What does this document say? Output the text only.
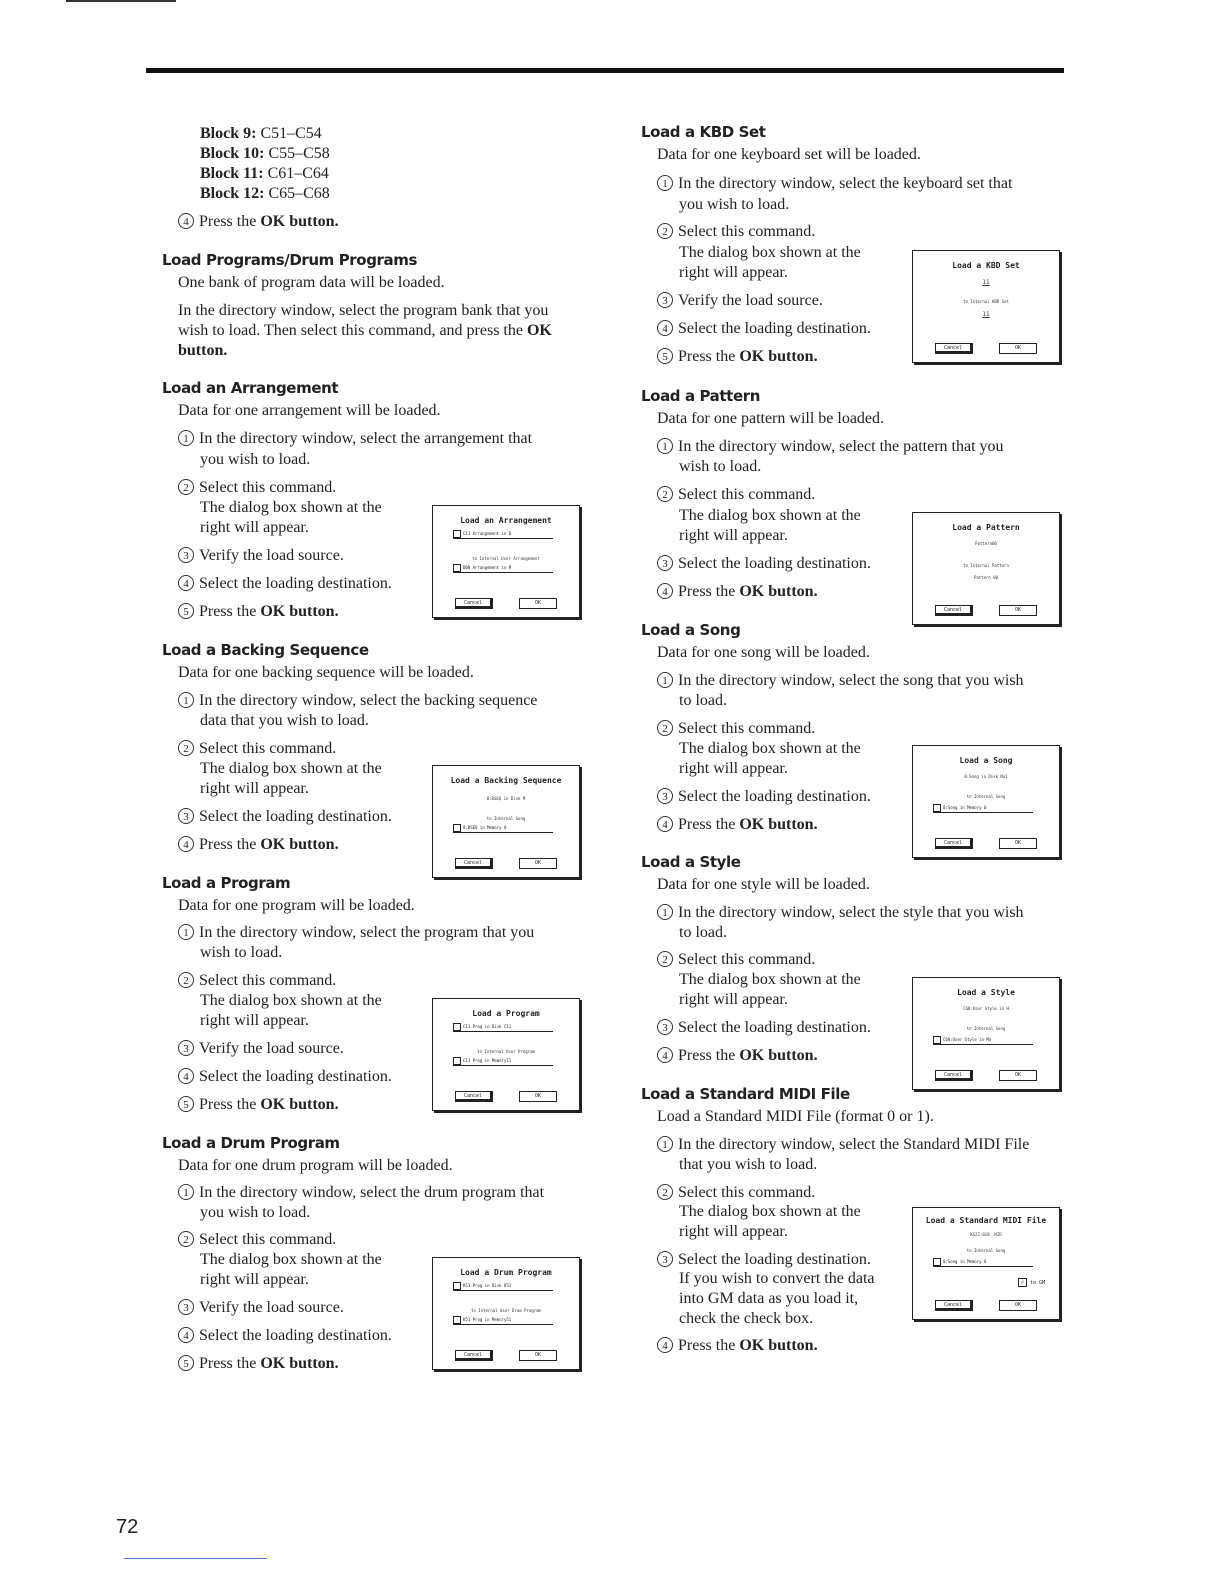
Block 9: C51–C54

Block 10: C55–C58

Block 11: C61–C64

Block 12: C65–C68

4 Press the OK button.

Load Programs/Drum Programs

One bank of program data will be loaded.

In the directory window, select the program bank that you

wish to load. Then select this command, and press the OK

button.

Load an Arrangement

Data for one arrangement will be loaded.

1 In the directory window, select the arrangement that

you wish to load.

2 Select this command.

The dialog box shown at the

right will appear.

3 Verify the load source.

4 Select the loading destination.

5 Press the OK button.

Load an Arrangement
C11 Arrangement in D
to Internal User Arrangement
D00 Arrangement in M
Cancel	OK

Load a Backing Sequence

Data for one backing sequence will be loaded.

1 In the directory window, select the backing sequence

data that you wish to load.

2 Select this command.

The dialog box shown at the

right will appear.

3 Select the loading destination.

4 Press the OK button.

Load a Backing Sequence
0:BSEQ in Disk M
to Internal Song
0:BSEQ in Memory 0
Cancel	OK

Load a Program

Data for one program will be loaded.

1 In the directory window, select the program that you

wish to load.

2 Select this command.

The dialog box shown at the

right will appear.

3 Verify the load source.

4 Select the loading destination.

5 Press the OK button.

Load a Program
C11 Prog in Disk C11
to Internal User Program
C11 Prog in Memory11
Cancel	OK

Load a Drum Program

Data for one drum program will be loaded.

1 In the directory window, select the drum program that

you wish to load.

2 Select this command.

The dialog box shown at the

right will appear.

3 Verify the load source.

4 Select the loading destination.

5 Press the OK button.

Load a Drum Program
K51 Prog in Disk K51
to Internal User Drum Program
K51 Prog in Memory51
Cancel	OK

Load a KBD Set

Data for one keyboard set will be loaded.

1 In the directory window, select the keyboard set that

you wish to load.

2 Select this command.

The dialog box shown at the

right will appear.

3 Verify the load source.

4 Select the loading destination.

5 Press the OK button.

Load a KBD Set
11
to Internal KBD Set
11
Cancel	OK

Load a Pattern

Data for one pattern will be loaded.

1 In the directory window, select the pattern that you

wish to load.

2 Select this command.

The dialog box shown at the

right will appear.

3 Select the loading destination.

4 Press the OK button.

Load a Pattern
Pattern00
to Internal Pattern
Pattern 00
Cancel	OK

Load a Song

Data for one song will be loaded.

1 In the directory window, select the song that you wish

to load.

2 Select this command.

The dialog box shown at the

right will appear.

3 Select the loading destination.

4 Press the OK button.

Load a Song
0:Song in Disk No1
to Internal Song
0:Song in Memory 0
Cancel	OK

Load a Style

Data for one style will be loaded.

1 In the directory window, select the style that you wish

to load.

2 Select this command.

The dialog box shown at the

right will appear.

3 Select the loading destination.

4 Press the OK button.

Load a Style
C68:User Style in H
to Internal Song
C68:User Style in Mo
Cancel	OK

Load a Standard MIDI File

Load a Standard MIDI File (format 0 or 1).

1 In the directory window, select the Standard MIDI File

that you wish to load.

2 Select this command.

The dialog box shown at the

right will appear.

3 Select the loading destination.

If you wish to convert the data

into GM data as you load it,

check the check box.

4 Press the OK button.

Load a Standard MIDI File
KS21-018 .MID
to Internal Song
0:Song in Memory 0
✓ to GM
Cancel	OK
72
